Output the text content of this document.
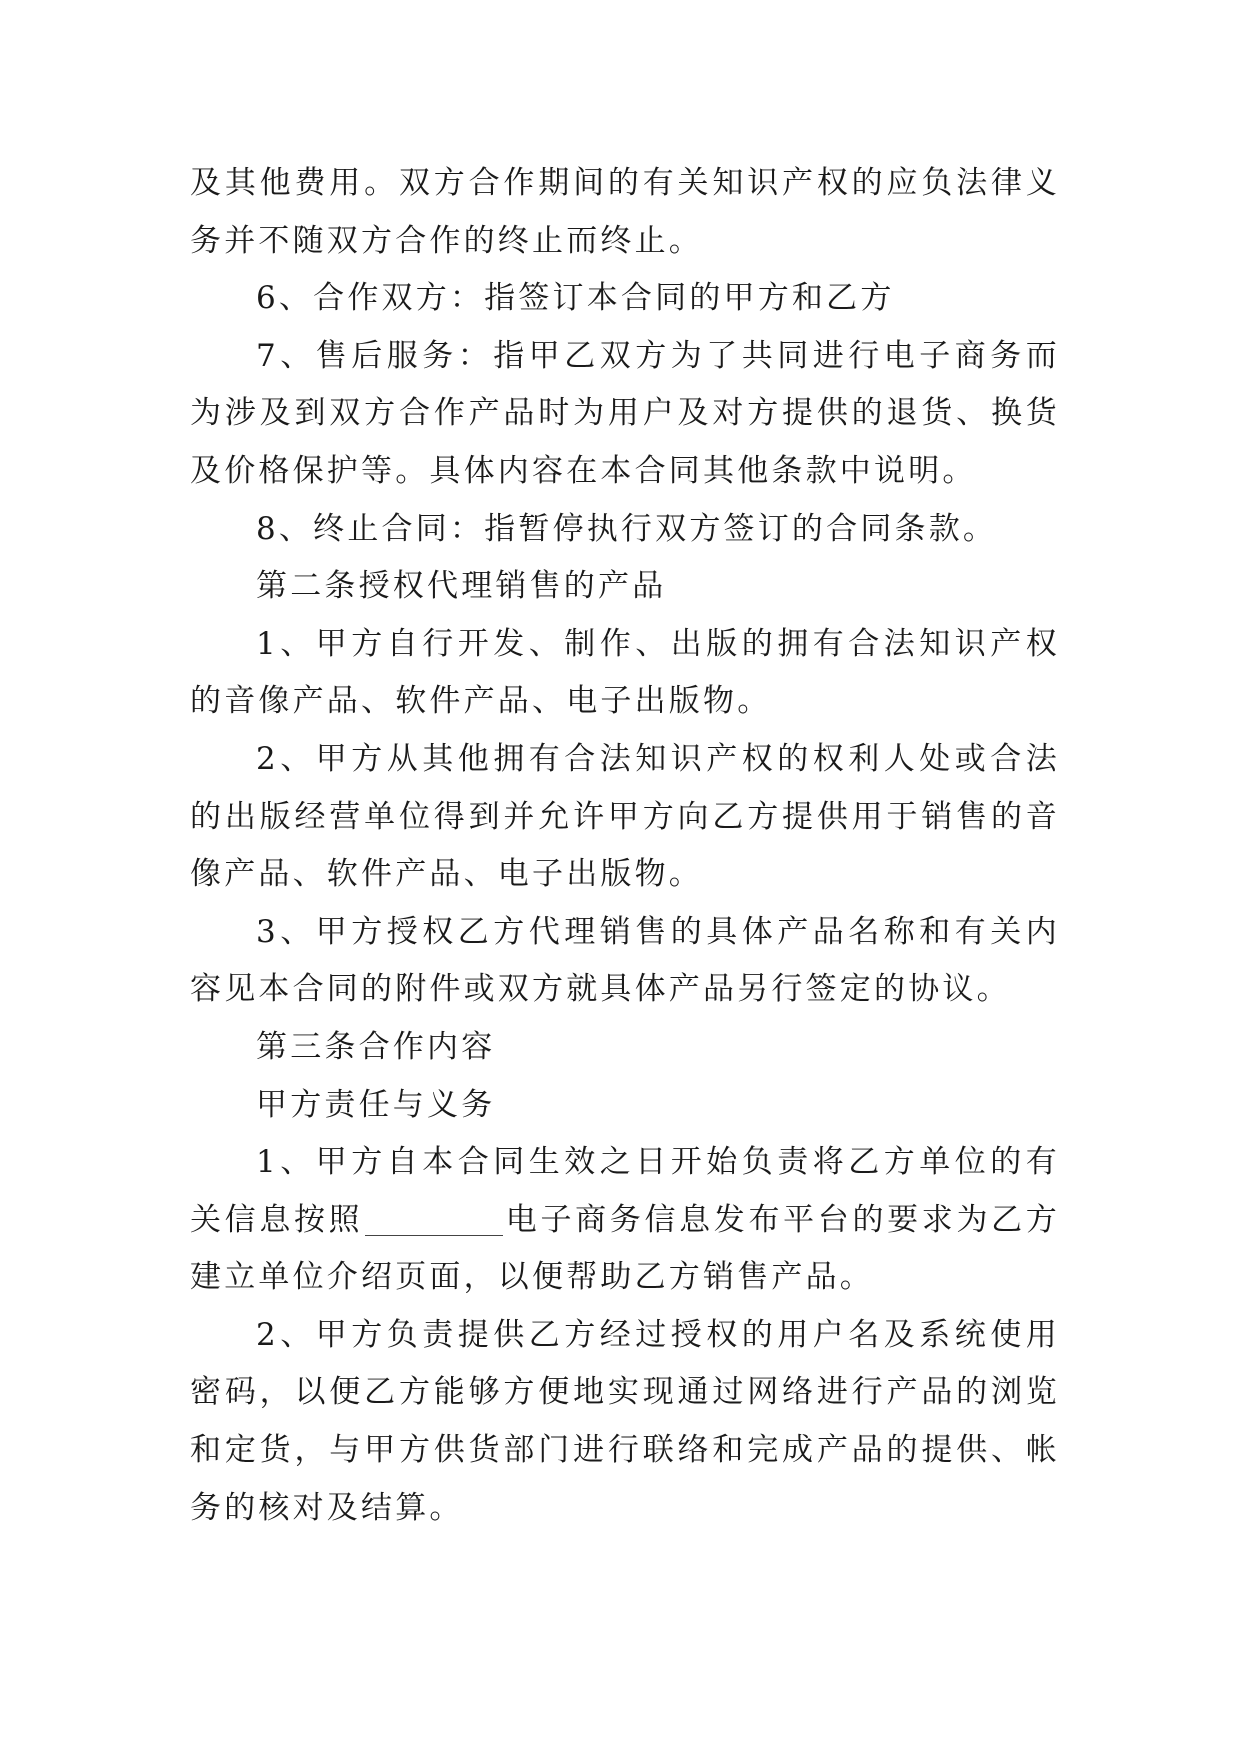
及其他费用。双方合作期间的有关知识产权的应负法律义务并不随双方合作的终止而终止。

6、合作双方：指签订本合同的甲方和乙方

7、售后服务：指甲乙双方为了共同进行电子商务而为涉及到双方合作产品时为用户及对方提供的退货、换货及价格保护等。具体内容在本合同其他条款中说明。

8、终止合同：指暂停执行双方签订的合同条款。

第二条授权代理销售的产品

1、甲方自行开发、制作、出版的拥有合法知识产权的音像产品、软件产品、电子出版物。

2、甲方从其他拥有合法知识产权的权利人处或合法的出版经营单位得到并允许甲方向乙方提供用于销售的音像产品、软件产品、电子出版物。

3、甲方授权乙方代理销售的具体产品名称和有关内容见本合同的附件或双方就具体产品另行签定的协议。

第三条合作内容

甲方责任与义务

1、甲方自本合同生效之日开始负责将乙方单位的有关信息按照	电子商务信息发布平台的要求为乙方建立单位介绍页面，以便帮助乙方销售产品。

2、甲方负责提供乙方经过授权的用户名及系统使用密码，以便乙方能够方便地实现通过网络进行产品的浏览和定货，与甲方供货部门进行联络和完成产品的提供、帐务的核对及结算。
